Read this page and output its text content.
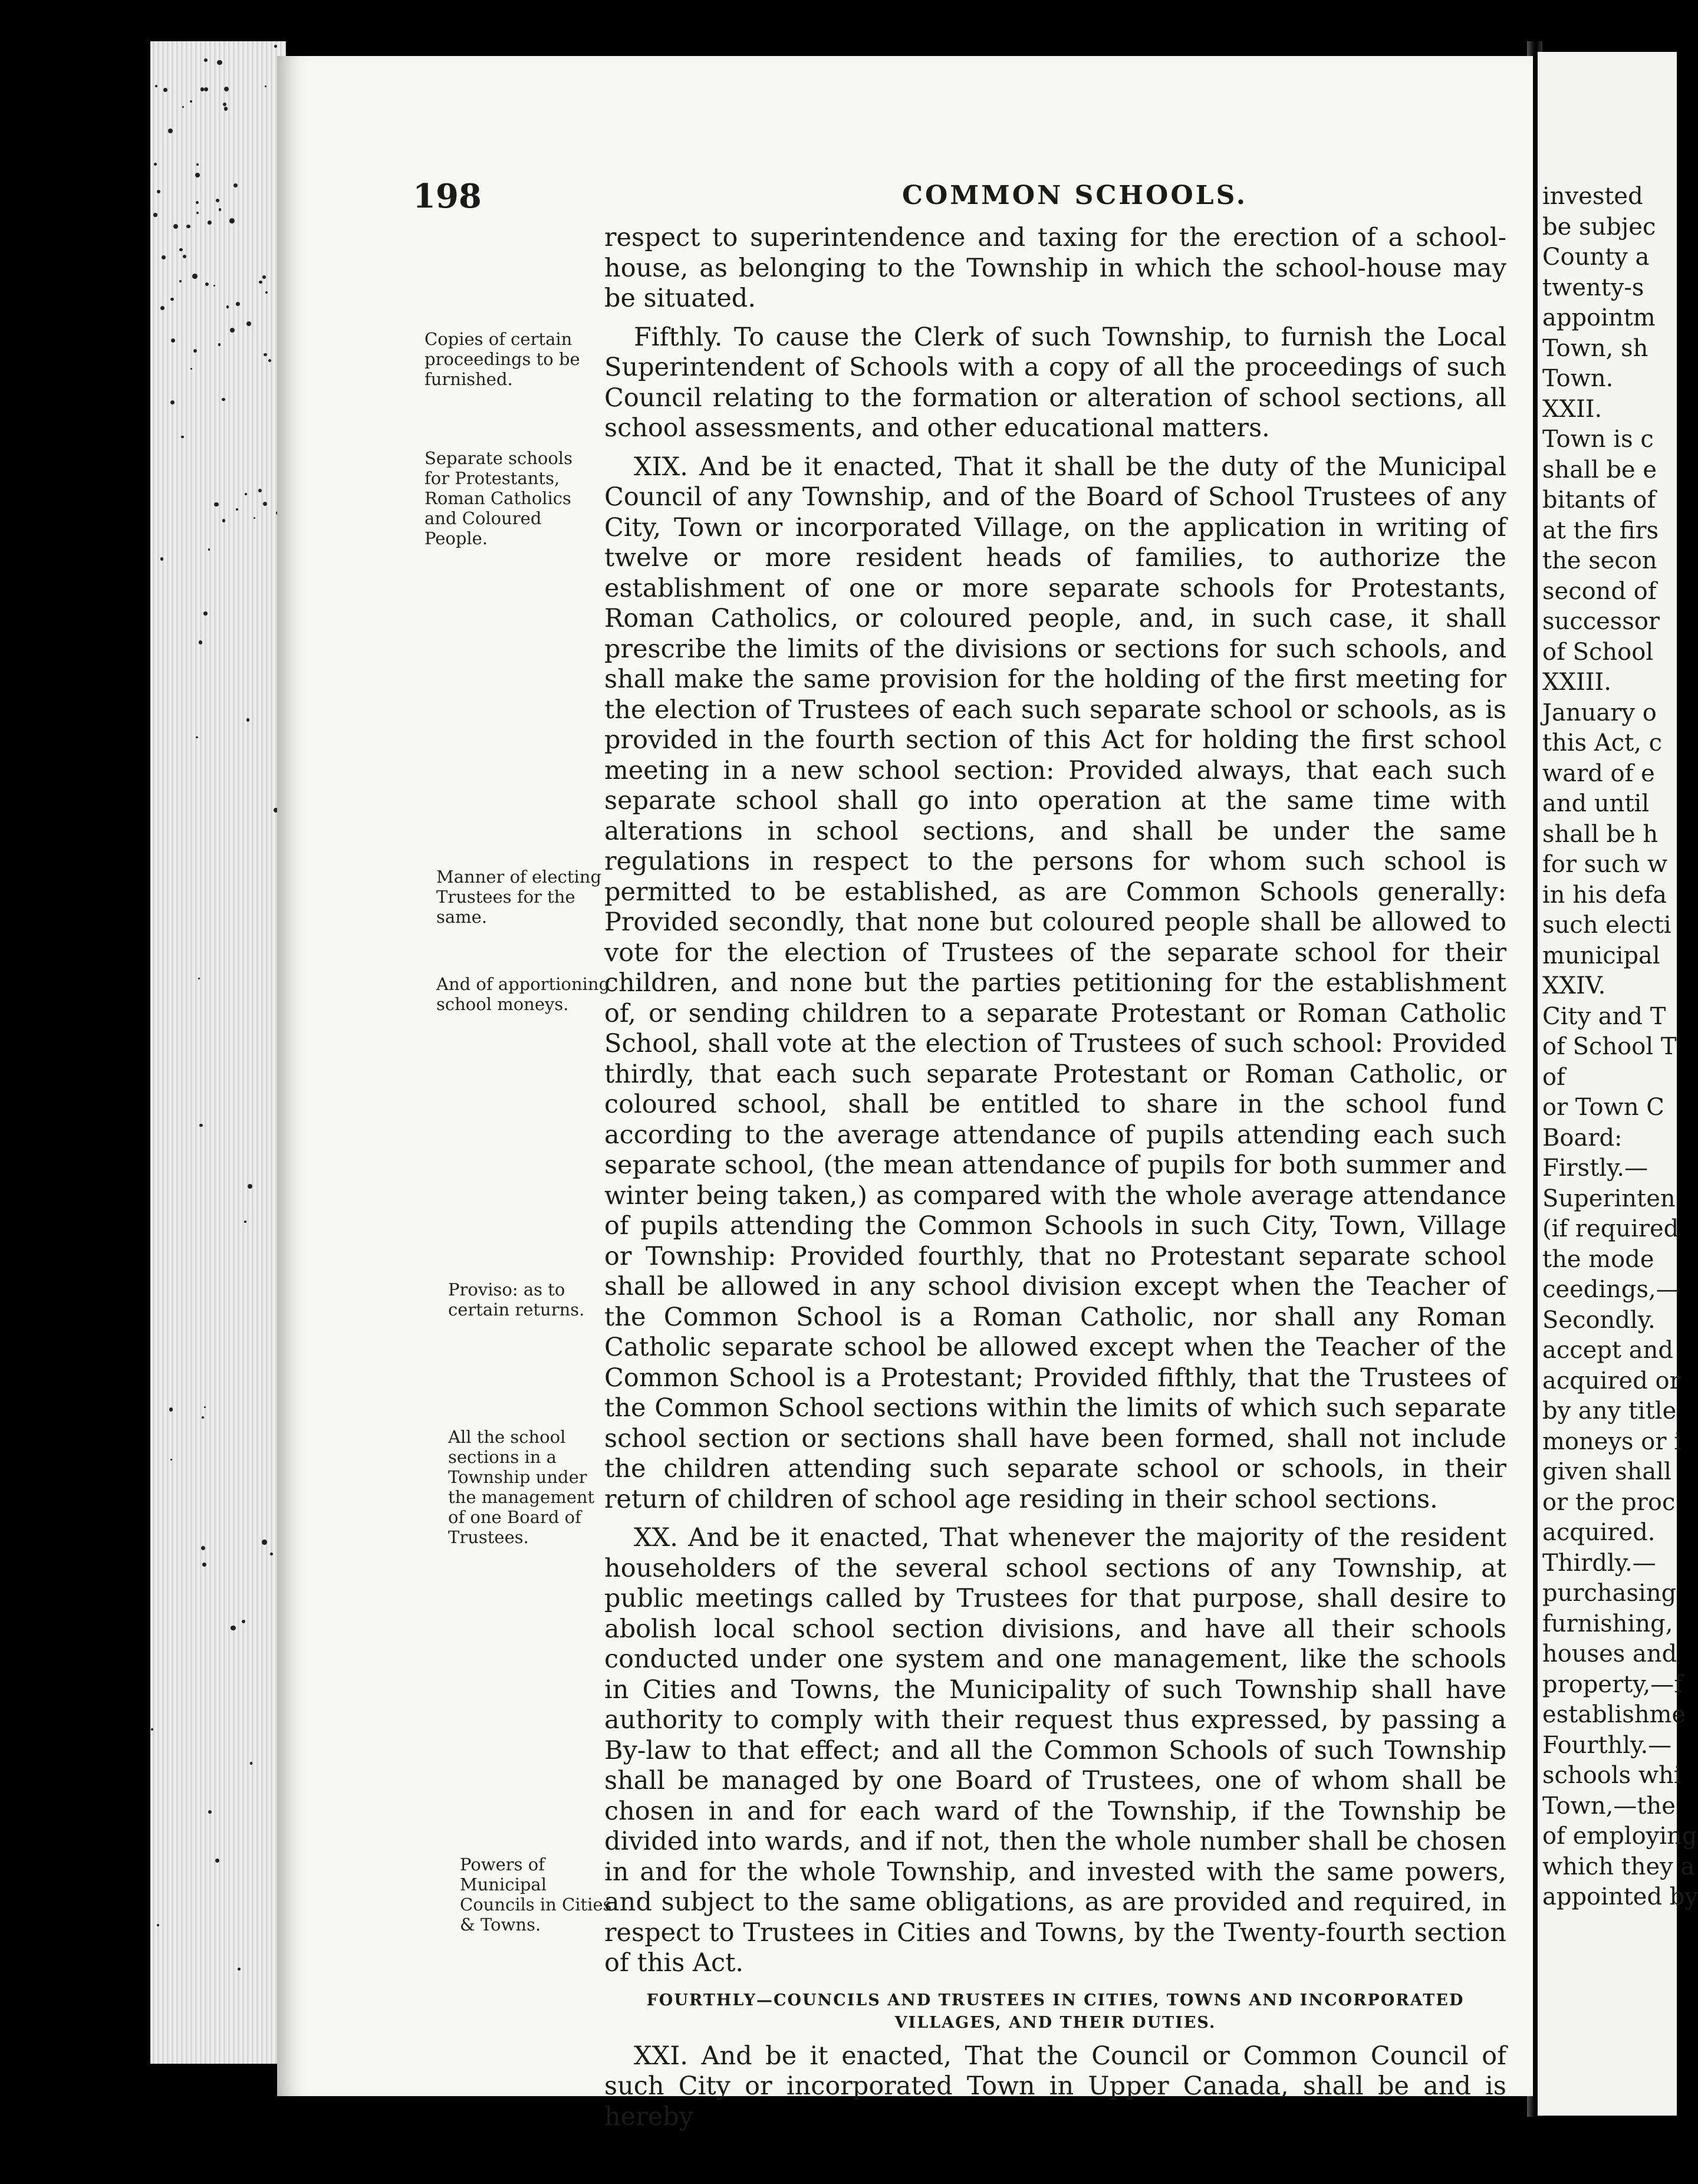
198	COMMON SCHOOLS.
Copies of certain proceedings to be furnished.
Separate schools for Protestants, Roman Catholics and Coloured People.
Manner of electing Trustees for the same.
And of apportioning school moneys.
Proviso: as to certain returns.
All the school sections in a Township under the management of one Board of Trustees.
Powers of Municipal Councils in Cities & Towns.

respect to superintendence and taxing for the erection of a school-house, as belonging to the Township in which the school-house may be situated.

Fifthly. To cause the Clerk of such Township, to furnish the Local Superintendent of Schools with a copy of all the proceedings of such Council relating to the formation or alteration of school sections, all school assessments, and other educational matters.

XIX. And be it enacted, That it shall be the duty of the Municipal Council of any Township, and of the Board of School Trustees of any City, Town or incorporated Village, on the application in writing of twelve or more resident heads of families, to authorize the establishment of one or more separate schools for Protestants, Roman Catholics, or coloured people, and, in such case, it shall prescribe the limits of the divisions or sections for such schools, and shall make the same provision for the holding of the first meeting for the election of Trustees of each such separate school or schools, as is provided in the fourth section of this Act for holding the first school meeting in a new school section: Provided always, that each such separate school shall go into operation at the same time with alterations in school sections, and shall be under the same regulations in respect to the persons for whom such school is permitted to be established, as are Common Schools generally: Provided secondly, that none but coloured people shall be allowed to vote for the election of Trustees of the separate school for their children, and none but the parties petitioning for the establishment of, or sending children to a separate Protestant or Roman Catholic School, shall vote at the election of Trustees of such school: Provided thirdly, that each such separate Protestant or Roman Catholic, or coloured school, shall be entitled to share in the school fund according to the average attendance of pupils attending each such separate school, (the mean attendance of pupils for both summer and winter being taken,) as compared with the whole average attendance of pupils attending the Common Schools in such City, Town, Village or Township: Provided fourthly, that no Protestant separate school shall be allowed in any school division except when the Teacher of the Common School is a Roman Catholic, nor shall any Roman Catholic separate school be allowed except when the Teacher of the Common School is a Protestant; Provided fifthly, that the Trustees of the Common School sections within the limits of which such separate school section or sections shall have been formed, shall not include the children attending such separate school or schools, in their return of children of school age residing in their school sections.

XX. And be it enacted, That whenever the majority of the resident householders of the several school sections of any Township, at public meetings called by Trustees for that purpose, shall desire to abolish local school section divisions, and have all their schools conducted under one system and one management, like the schools in Cities and Towns, the Municipality of such Township shall have authority to comply with their request thus expressed, by passing a By-law to that effect; and all the Common Schools of such Township shall be managed by one Board of Trustees, one of whom shall be chosen in and for each ward of the Township, if the Township be divided into wards, and if not, then the whole number shall be chosen in and for the whole Township, and invested with the same powers, and subject to the same obligations, as are provided and required, in respect to Trustees in Cities and Towns, by the Twenty-fourth section of this Act.

FOURTHLY—COUNCILS AND TRUSTEES IN CITIES, TOWNS AND INCORPORATED
VILLAGES, AND THEIR DUTIES.

XXI. And be it enacted, That the Council or Common Council of such City or incorporated Town in Upper Canada, shall be and is hereby

invested
be subjec
County a
twenty-s
appointm
Town, sh
Town.
XXII.
Town is c
shall be e
bitants of
at the firs
the secon
second of
successor
of School
XXIII.
January o
this Act, c
ward of e
and until
shall be h
for such w
in his defa
such electi
municipal
XXIV.
City and T
of School T
of
or Town C
Board:
Firstly.—
Superinten
(if required
the mode
ceedings,—
Secondly.
accept and
acquired or
by any title
moneys or i
given shall
or the proc
acquired.
Thirdly.—
purchasing
furnishing,
houses and
property,—f
establishme
Fourthly.—
schools whi
Town,—the
of employing
which they a
appointed by
